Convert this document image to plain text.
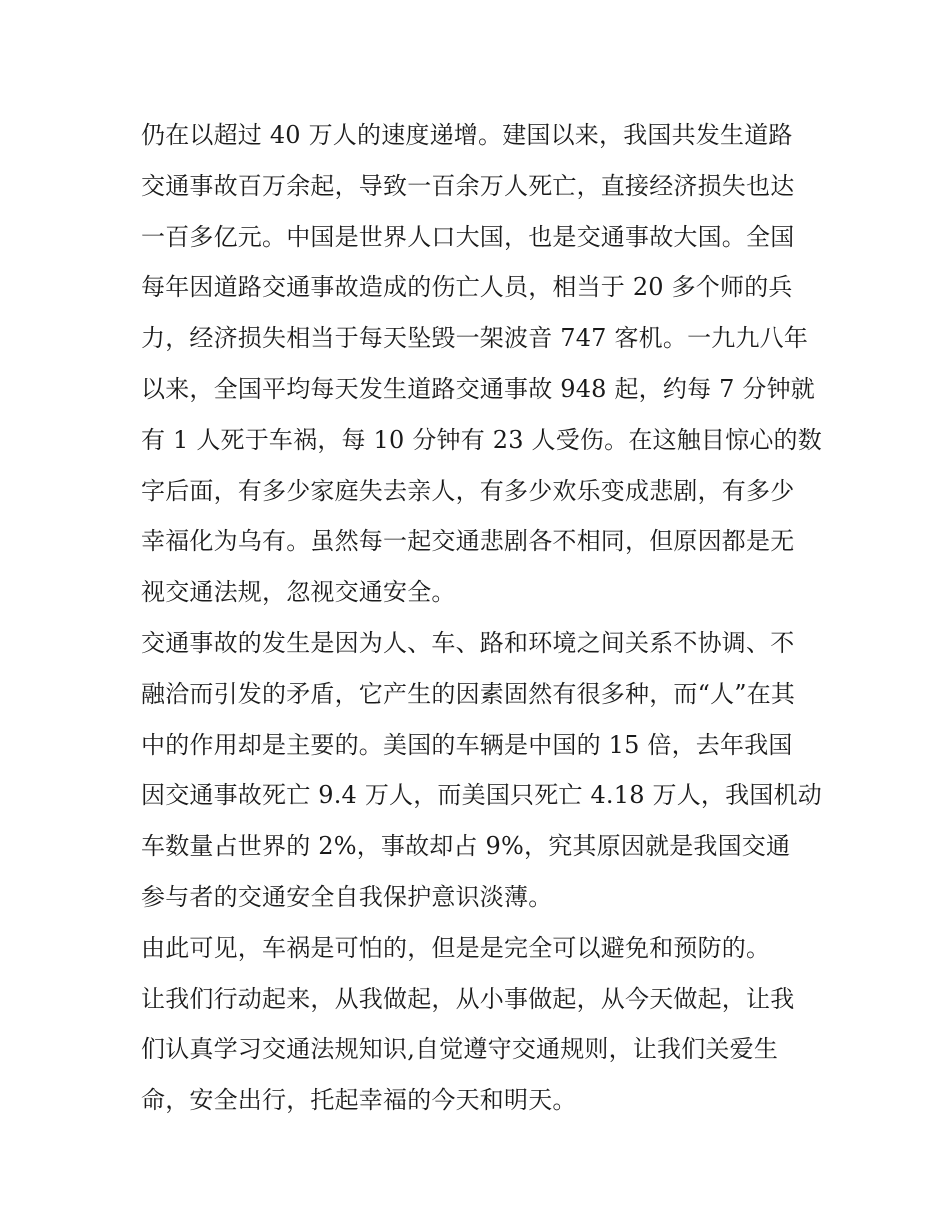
仍在以超过 40 万人的速度递增。建国以来，我国共发生道路
交通事故百万余起，导致一百余万人死亡，直接经济损失也达
一百多亿元。中国是世界人口大国，也是交通事故大国。全国
每年因道路交通事故造成的伤亡人员，相当于 20 多个师的兵
力，经济损失相当于每天坠毁一架波音 747 客机。一九九八年
以来，全国平均每天发生道路交通事故 948 起，约每 7 分钟就
有 1 人死于车祸，每 10 分钟有 23 人受伤。在这触目惊心的数
字后面，有多少家庭失去亲人，有多少欢乐变成悲剧，有多少
幸福化为乌有。虽然每一起交通悲剧各不相同，但原因都是无
视交通法规，忽视交通安全。
交通事故的发生是因为人、车、路和环境之间关系不协调、不
融洽而引发的矛盾，它产生的因素固然有很多种，而“人”在其
中的作用却是主要的。美国的车辆是中国的 15 倍，去年我国
因交通事故死亡 9.4 万人，而美国只死亡 4.18 万人，我国机动
车数量占世界的 2%，事故却占 9%，究其原因就是我国交通
参与者的交通安全自我保护意识淡薄。
由此可见，车祸是可怕的，但是是完全可以避免和预防的。
让我们行动起来，从我做起，从小事做起，从今天做起，让我
们认真学习交通法规知识,自觉遵守交通规则，让我们关爱生
命，安全出行，托起幸福的今天和明天。
